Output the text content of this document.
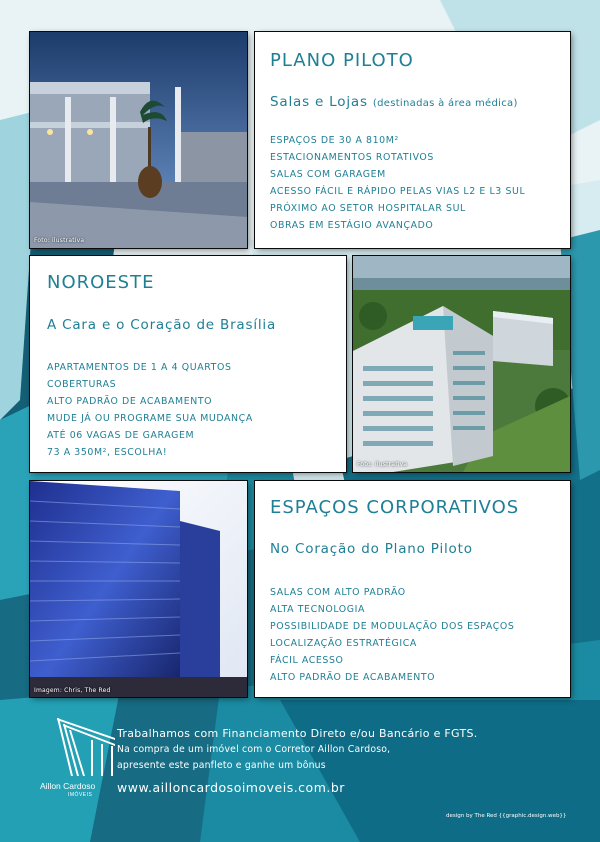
Foto: ilustrativa
PLANO PILOTO
Salas e Lojas (destinadas à área médica)
ESPAÇOS DE 30 A 810M²
ESTACIONAMENTOS ROTATIVOS
SALAS COM GARAGEM
ACESSO FÁCIL E RÁPIDO PELAS VIAS L2 E L3 SUL
PRÓXIMO AO SETOR HOSPITALAR SUL
OBRAS EM ESTÁGIO AVANÇADO
NOROESTE
A Cara e o Coração de Brasília
APARTAMENTOS DE 1 A 4 QUARTOS
COBERTURAS
ALTO PADRÃO DE ACABAMENTO
MUDE JÁ OU PROGRAME SUA MUDANÇA
ATÉ 06 VAGAS DE GARAGEM
73 A 350M², ESCOLHA!
Foto: ilustrativa
Imagem: Chris, The Red
ESPAÇOS CORPORATIVOS
No Coração do Plano Piloto
SALAS COM ALTO PADRÃO
ALTA TECNOLOGIA
POSSIBILIDADE DE MODULAÇÃO DOS ESPAÇOS
LOCALIZAÇÃO ESTRATÉGICA
FÁCIL ACESSO
ALTO PADRÃO DE ACABAMENTO
Aillon Cardoso
IMÓVEIS
Trabalhamos com Financiamento Direto e/ou Bancário e FGTS.
Na compra de um imóvel com o Corretor Aillon Cardoso,
apresente este panfleto e ganhe um bônus
www.ailloncardosoimoveis.com.br
design by The Red {{graphic.design.web}}
